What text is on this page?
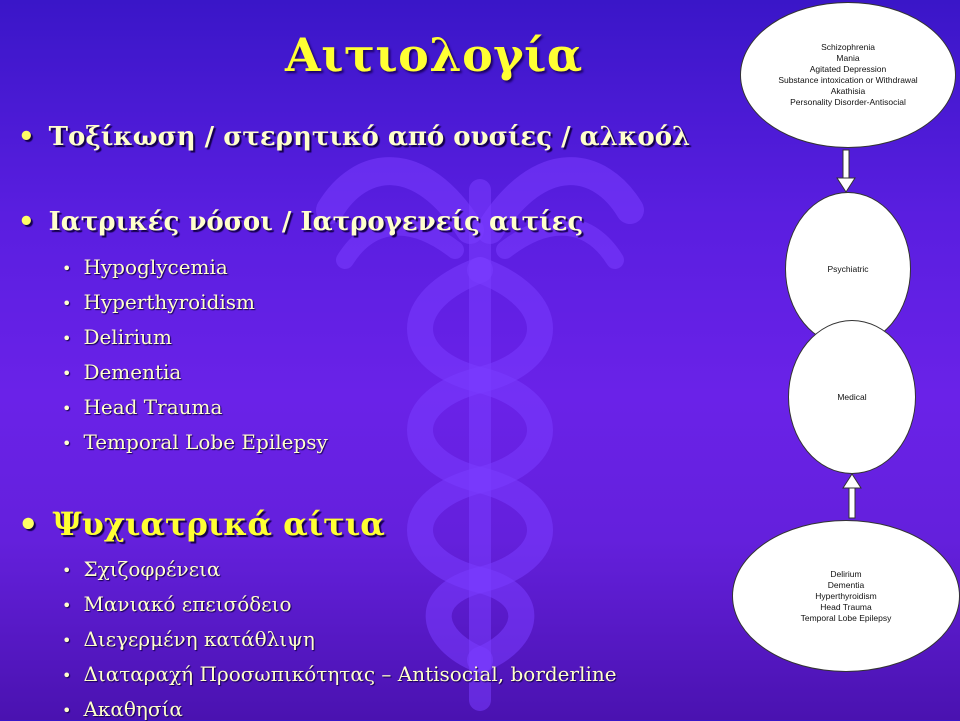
Αιτιολογία
• Τοξίκωση / στερητικό από ουσίες / αλκοόλ
• Ιατρικές νόσοι / Ιατρογενείς αιτίες
• Hypoglycemia
• Hyperthyroidism
• Delirium
• Dementia
• Head Trauma
• Temporal Lobe Epilepsy
• Ψυχιατρικά αίτια
• Σχιζοφρένεια
• Μανιακό επεισόδειο
• Διεγερμένη κατάθλιψη
• Διαταραχή Προσωπικότητας – Antisocial, borderline
• Ακαθησία
Schizophrenia
Mania
Agitated Depression
Substance intoxication or Withdrawal
Akathisia
Personality Disorder-Antisocial
Psychiatric
Medical
Delirium
Dementia
Hyperthyroidism
Head Trauma
Temporal Lobe Epilepsy
